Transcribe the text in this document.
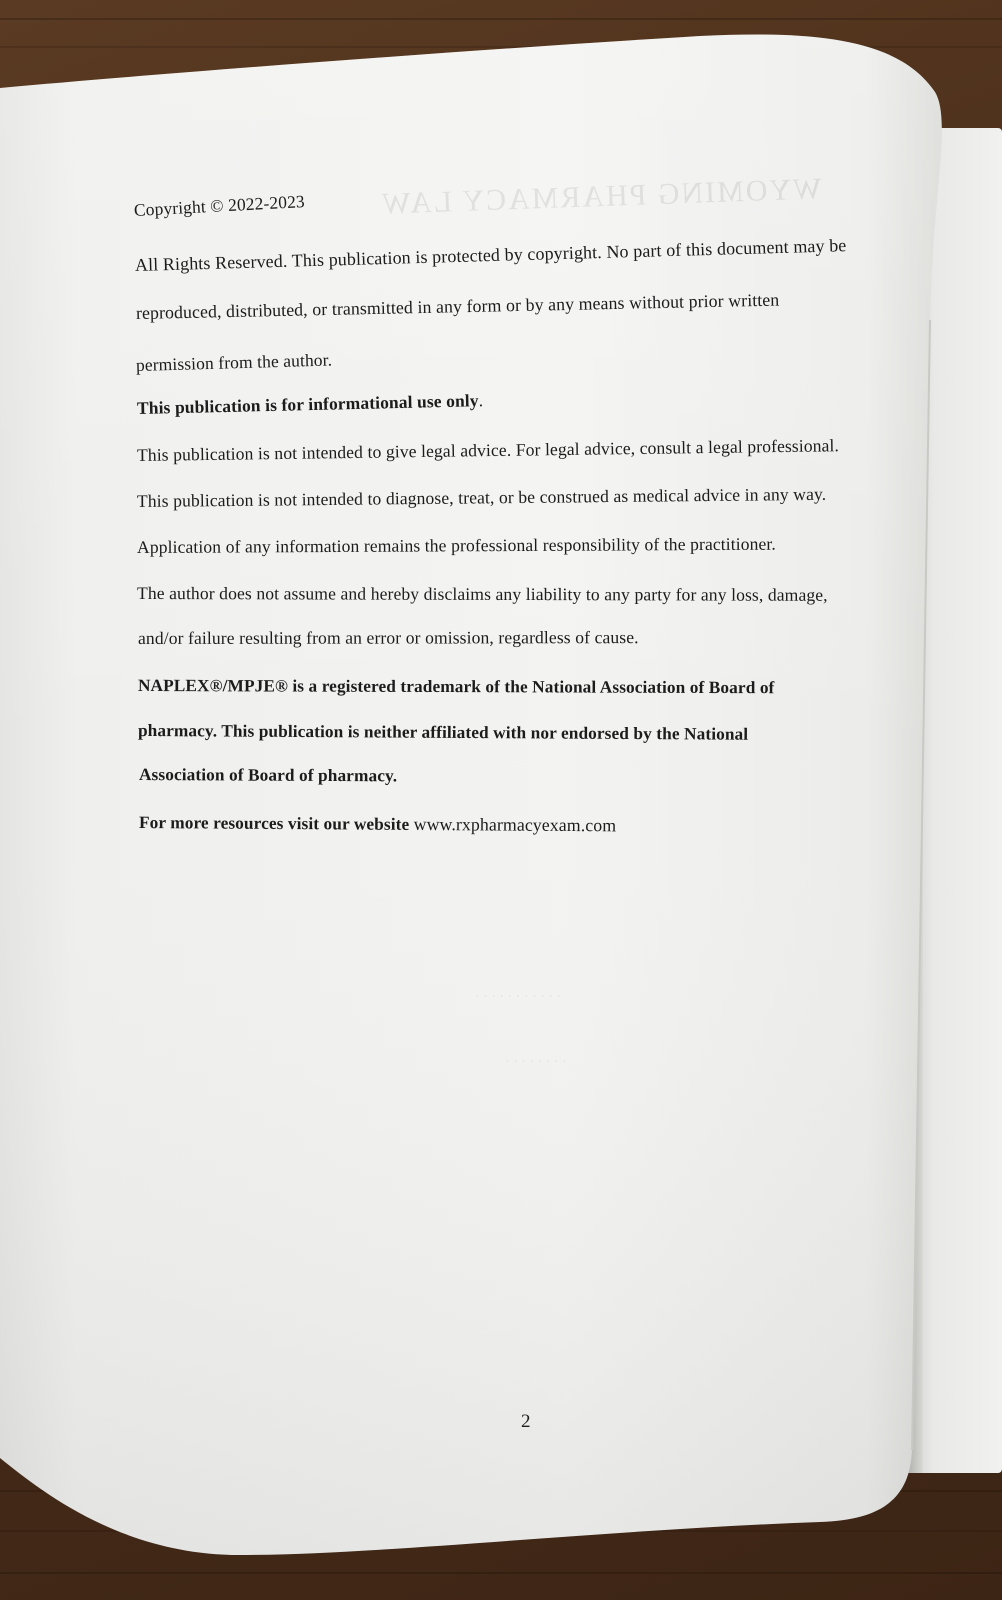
WYOMING PHARMACY LAW
· · · · · · · · · · ·
· · · · · · · ·
Copyright © 2022-2023
All Rights Reserved. This publication is protected by copyright. No part of this document may be
reproduced, distributed, or transmitted in any form or by any means without prior written
permission from the author.
This publication is for informational use only.
This publication is not intended to give legal advice. For legal advice, consult a legal professional.
This publication is not intended to diagnose, treat, or be construed as medical advice in any way.
Application of any information remains the professional responsibility of the practitioner.
The author does not assume and hereby disclaims any liability to any party for any loss, damage,
and/or failure resulting from an error or omission, regardless of cause.
NAPLEX®/MPJE® is a registered trademark of the National Association of Board of
pharmacy. This publication is neither affiliated with nor endorsed by the National
Association of Board of pharmacy.
For more resources visit our website www.rxpharmacyexam.com
2
